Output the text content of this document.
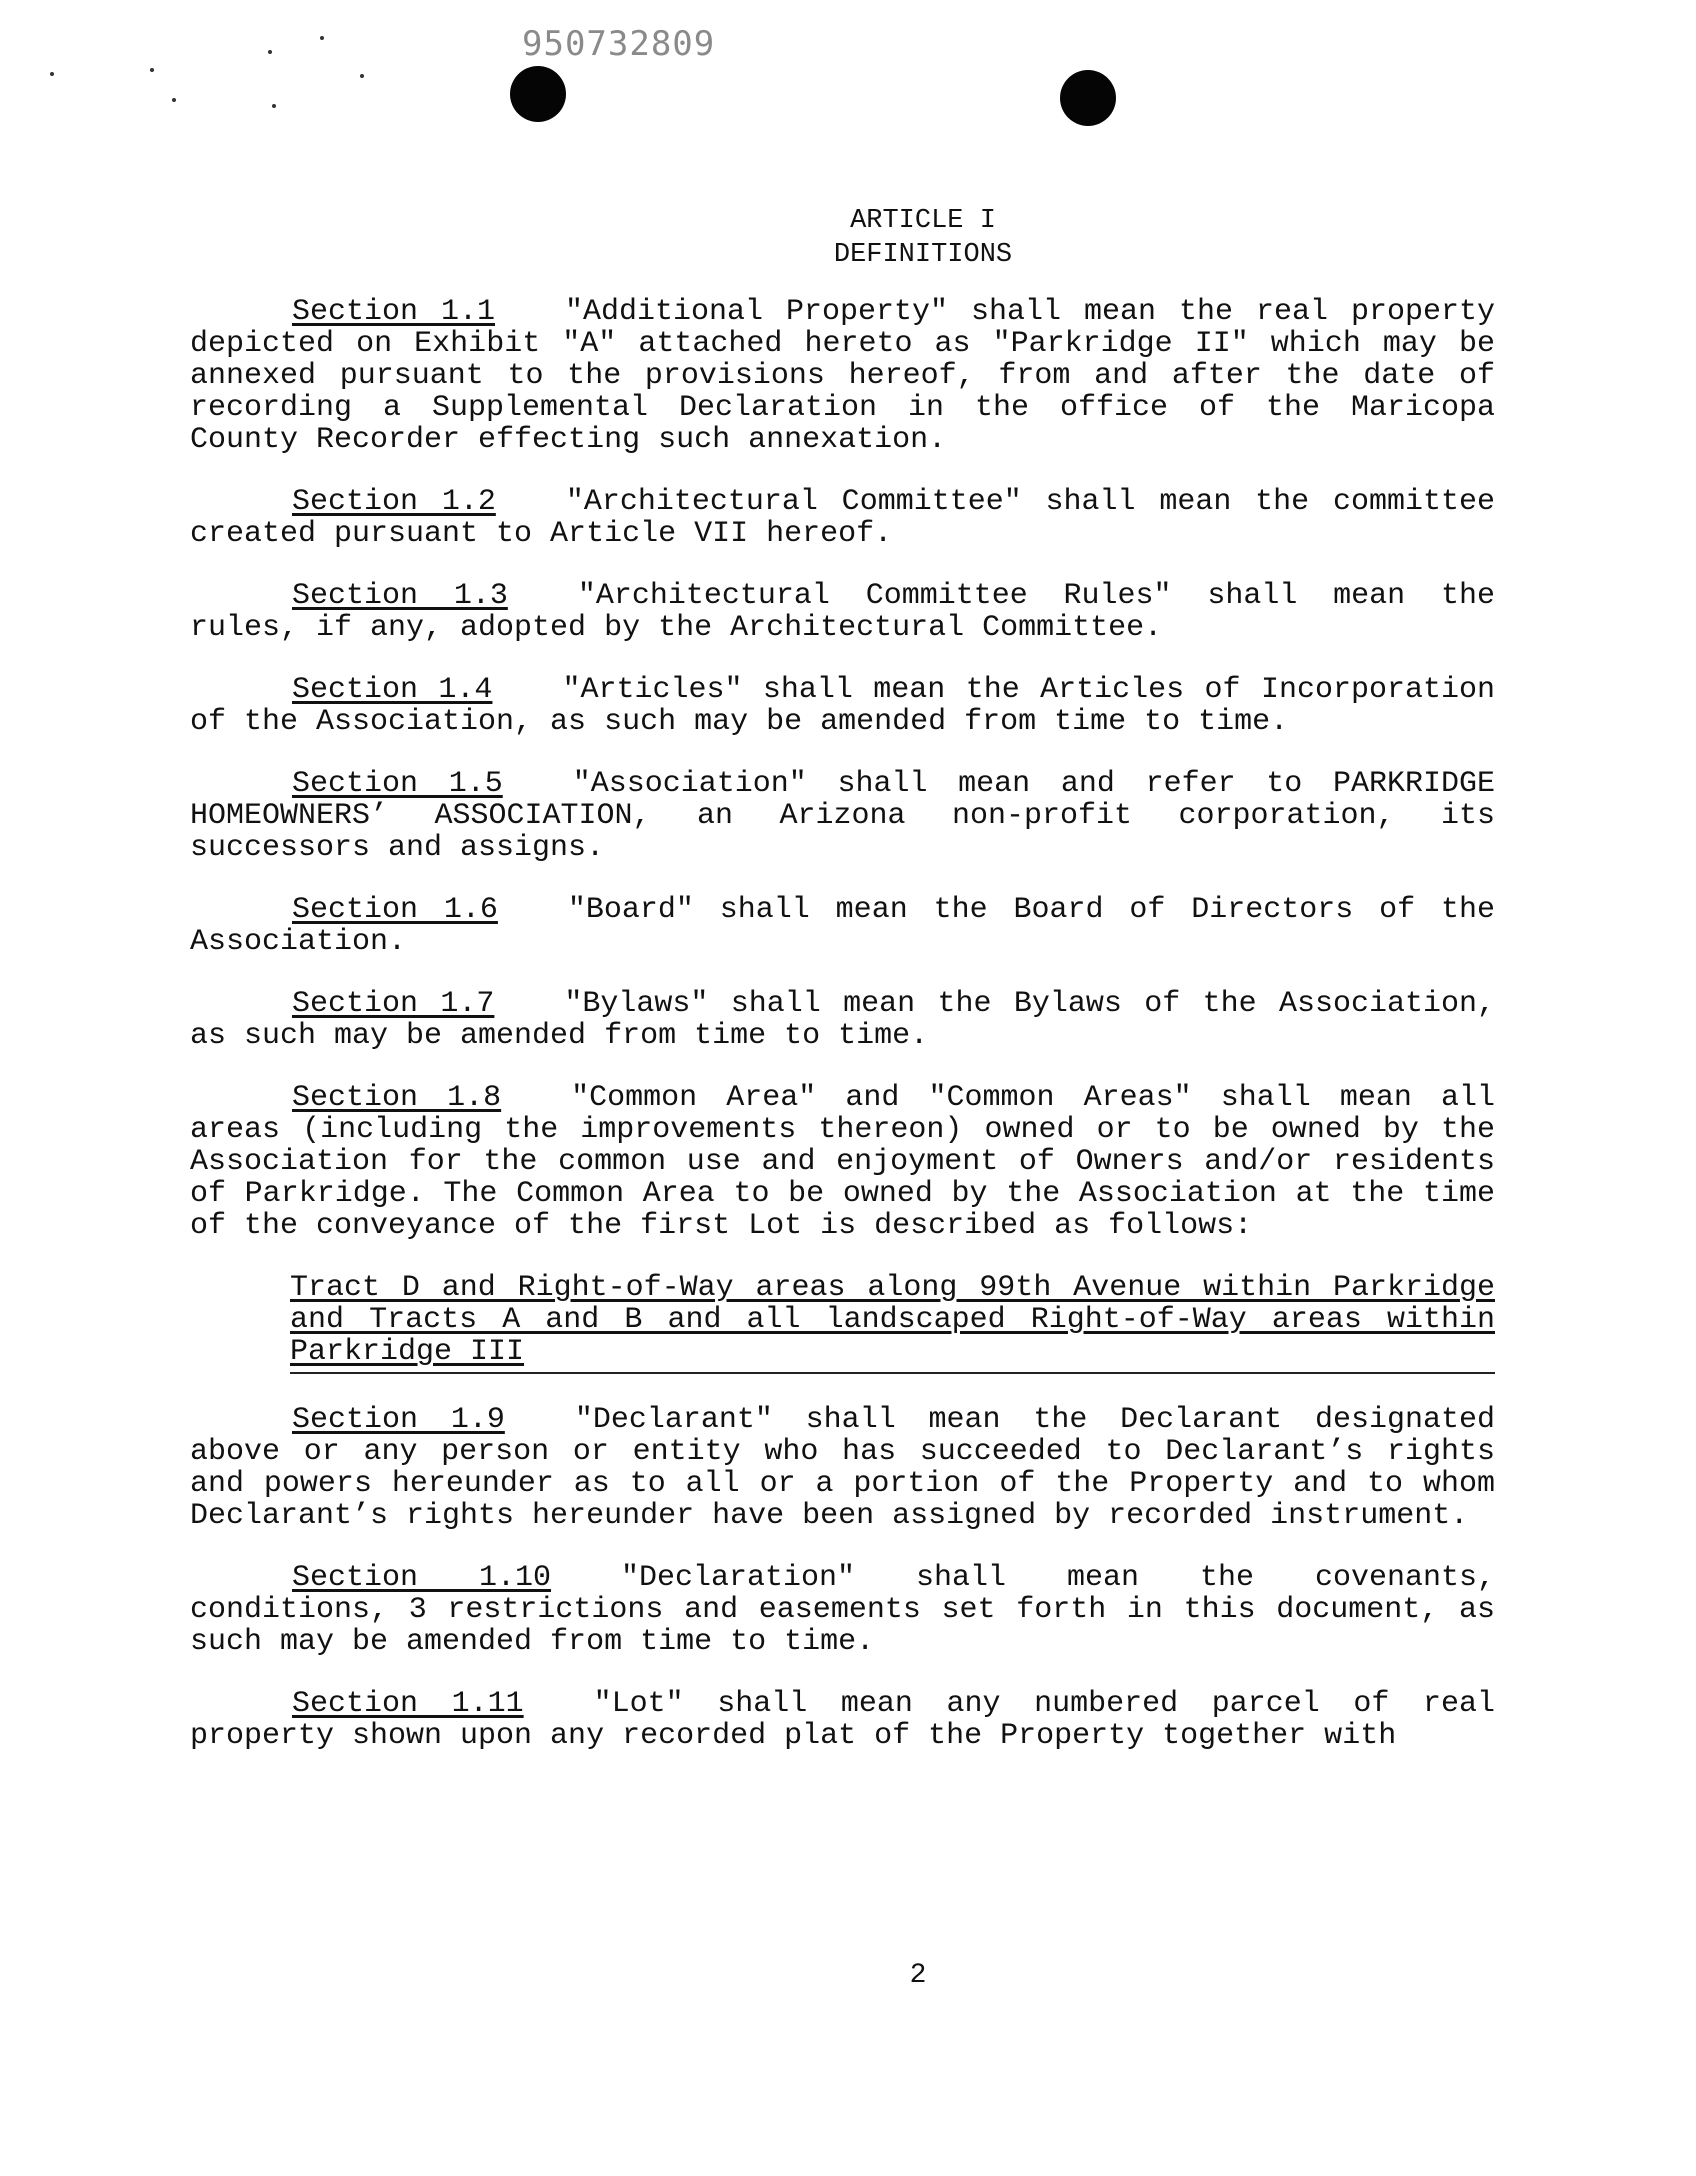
950732809
ARTICLE I
DEFINITIONS

Section 1.1 "Additional Property" shall mean the real property depicted on Exhibit "A" attached hereto as "Parkridge II" which may be annexed pursuant to the provisions hereof, from and after the date of recording a Supplemental Declaration in the office of the Maricopa County Recorder effecting such annexation.

Section 1.2 "Architectural Committee" shall mean the committee created pursuant to Article VII hereof.

Section 1.3 "Architectural Committee Rules" shall mean the rules, if any, adopted by the Architectural Committee.

Section 1.4 "Articles" shall mean the Articles of Incorporation of the Association, as such may be amended from time to time.

Section 1.5 "Association" shall mean and refer to PARKRIDGE HOMEOWNERS’ ASSOCIATION, an Arizona non-profit corporation, its successors and assigns.

Section 1.6 "Board" shall mean the Board of Directors of the Association.

Section 1.7 "Bylaws" shall mean the Bylaws of the Association, as such may be amended from time to time.

Section 1.8 "Common Area" and "Common Areas" shall mean all areas (including the improvements thereon) owned or to be owned by the Association for the common use and enjoyment of Owners and/or residents of Parkridge. The Common Area to be owned by the Association at the time of the conveyance of the first Lot is described as follows:

Tract D and Right-of-Way areas along 99th Avenue within Parkridge and Tracts A and B and all landscaped Right-of-Way areas within Parkridge III

Section 1.9 "Declarant" shall mean the Declarant designated above or any person or entity who has succeeded to Declarant’s rights and powers hereunder as to all or a portion of the Property and to whom Declarant’s rights hereunder have been assigned by recorded instrument.

Section 1.10 "Declaration" shall mean the covenants, conditions, 3 restrictions and easements set forth in this document, as such may be amended from time to time.

Section 1.11 "Lot" shall mean any numbered parcel of real property shown upon any recorded plat of the Property together with

2
